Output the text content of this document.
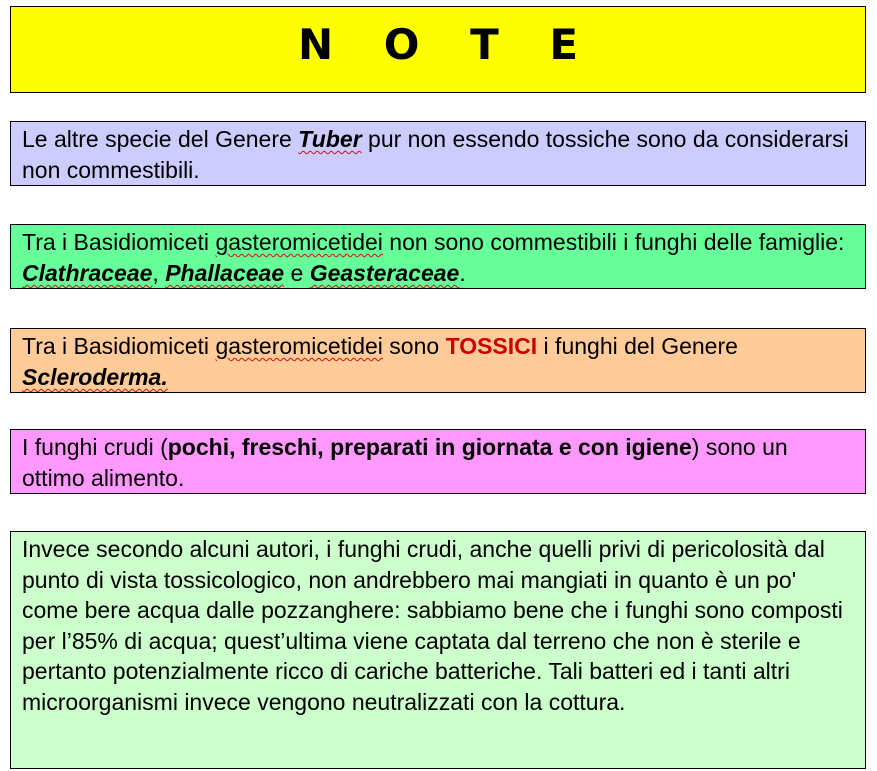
N O T E
Le altre specie del Genere Tuber pur non essendo tossiche sono da considerarsi non commestibili.
Tra i Basidiomiceti gasteromicetidei non sono commestibili i funghi delle famiglie: Clathraceae, Phallaceae e Geasteraceae.
Tra i Basidiomiceti gasteromicetidei sono TOSSICI i funghi del Genere Scleroderma.
I funghi crudi (pochi, freschi, preparati in giornata e con igiene) sono un ottimo alimento.
Invece secondo alcuni autori, i funghi crudi, anche quelli privi di pericolosità dal punto di vista tossicologico, non andrebbero mai mangiati in quanto è un po' come bere acqua dalle pozzanghere: sabbiamo bene che i funghi sono composti per l’85% di acqua; quest’ultima viene captata dal terreno che non è sterile e pertanto potenzialmente ricco di cariche batteriche. Tali batteri ed i tanti altri microorganismi invece vengono neutralizzati con la cottura.
